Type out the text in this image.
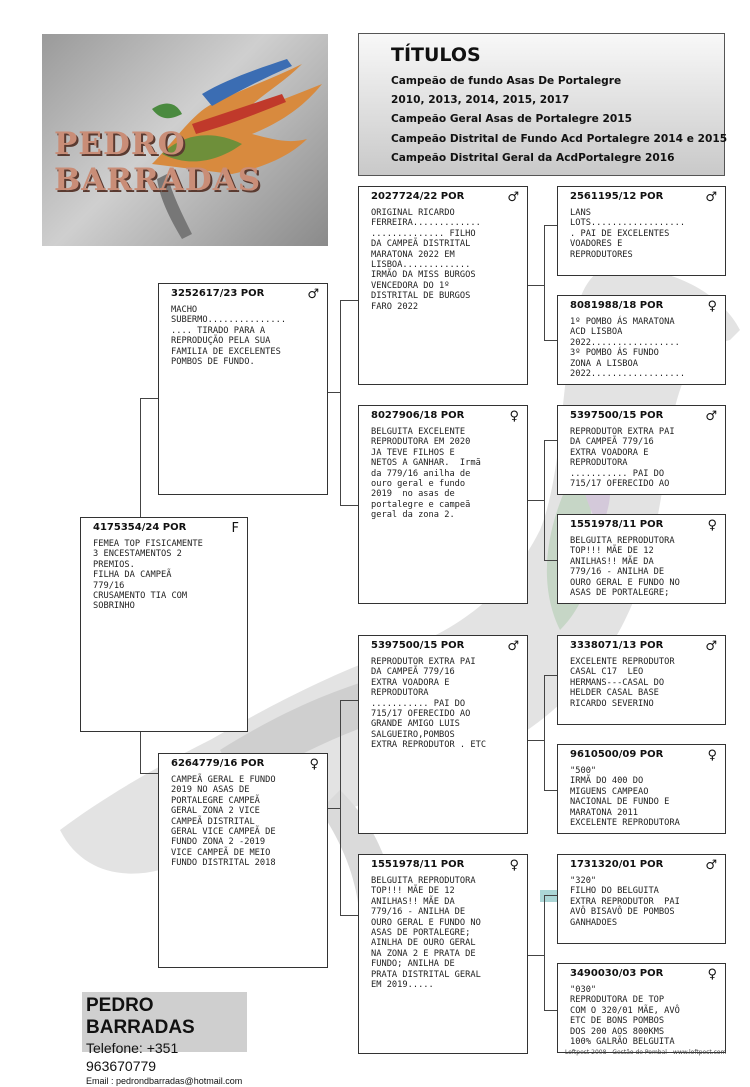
PEDRO
BARRADAS
TÍTULOS

Campeão de fundo Asas De Portalegre

2010, 2013, 2014, 2015, 2017

Campeão Geral Asas de Portalegre 2015

Campeão Distrital de Fundo Acd Portalegre 2014 e 2015

Campeão Distrital Geral da AcdPortalegre 2016

4175354/24 POR	F
FEMEA TOP FISICAMENTE
3 ENCESTAMENTOS 2
PREMIOS.
FILHA DA CAMPEÃ
779/16
CRUSAMENTO TIA COM
SOBRINHO
3252617/23 POR	♂
MACHO
SUBERMO...............
.... TIRADO PARA A
REPRODUÇÃO PELA SUA
FAMILIA DE EXCELENTES
POMBOS DE FUNDO.
6264779/16 POR	♀
CAMPEÃ GERAL E FUNDO
2019 NO ASAS DE
PORTALEGRE CAMPEÃ
GERAL ZONA 2 VICE
CAMPEÃ DISTRITAL
GERAL VICE CAMPEÃ DE
FUNDO ZONA 2 -2019
VICE CAMPEÃ DE MEIO
FUNDO DISTRITAL 2018
2027724/22 POR	♂
ORIGINAL RICARDO
FERREIRA.............
.............. FILHO
DA CAMPEÃ DISTRITAL
MARATONA 2022 EM
LISBOA.............
IRMÃO DA MISS BURGOS
VENCEDORA DO 1º
DISTRITAL DE BURGOS
FARO 2022
8027906/18 POR	♀
BELGUITA EXCELENTE
REPRODUTORA EM 2020
JA TEVE FILHOS E
NETOS A GANHAR.  Irmã
da 779/16 anilha de
ouro geral e fundo
2019  no asas de
portalegre e campeã
geral da zona 2.
5397500/15 POR	♂
REPRODUTOR EXTRA PAI
DA CAMPEÃ 779/16
EXTRA VOADORA E
REPRODUTORA
........... PAI DO
715/17 OFERECIDO AO
GRANDE AMIGO LUIS
SALGUEIRO,POMBOS
EXTRA REPRODUTOR . ETC
1551978/11 POR	♀
BELGUITA REPRODUTORA
TOP!!! MÃE DE 12
ANILHAS!! MÃE DA
779/16 - ANILHA DE
OURO GERAL E FUNDO NO
ASAS DE PORTALEGRE;
AINLHA DE OURO GERAL
NA ZONA 2 E PRATA DE
FUNDO; ANILHA DE
PRATA DISTRITAL GERAL
EM 2019.....
2561195/12 POR	♂
LANS
LOTS..................
. PAI DE EXCELENTES
VOADORES E
REPRODUTORES
8081988/18 POR	♀
1º POMBO ÁS MARATONA
ACD LISBOA
2022.................
3º POMBO ÁS FUNDO
ZONA A LISBOA
2022..................
5397500/15 POR	♂
REPRODUTOR EXTRA PAI
DA CAMPEÃ 779/16
EXTRA VOADORA E
REPRODUTORA
........... PAI DO
715/17 OFERECIDO AO
1551978/11 POR	♀
BELGUITA REPRODUTORA
TOP!!! MÃE DE 12
ANILHAS!! MÃE DA
779/16 - ANILHA DE
OURO GERAL E FUNDO NO
ASAS DE PORTALEGRE;
3338071/13 POR	♂
EXCELENTE REPRODUTOR
CASAL C17  LEO
HERMANS---CASAL DO
HELDER CASAL BASE
RICARDO SEVERINO
9610500/09 POR	♀
"500"
IRMÃ DO 400 DO
MIGUENS CAMPEAO
NACIONAL DE FUNDO E
MARATONA 2011
EXCELENTE REPRODUTORA
1731320/01 POR	♂
"320"
FILHO DO BELGUITA
EXTRA REPRODUTOR  PAI
AVÔ BISAVÔ DE POMBOS
GANHADOES
3490030/03 POR	♀
"030"
REPRODUTORA DE TOP
COM O 320/01 MÃE, AVÔ
ETC DE BONS POMBOS
DOS 200 AOS 800KMS
100% GALRÃO BELGUITA
PEDRO BARRADAS
Telefone: +351 963670779
Email : pedrondbarradas@hotmail.com
Loftpest 2008 - Gestão de Pombal - www.loftpest.com
